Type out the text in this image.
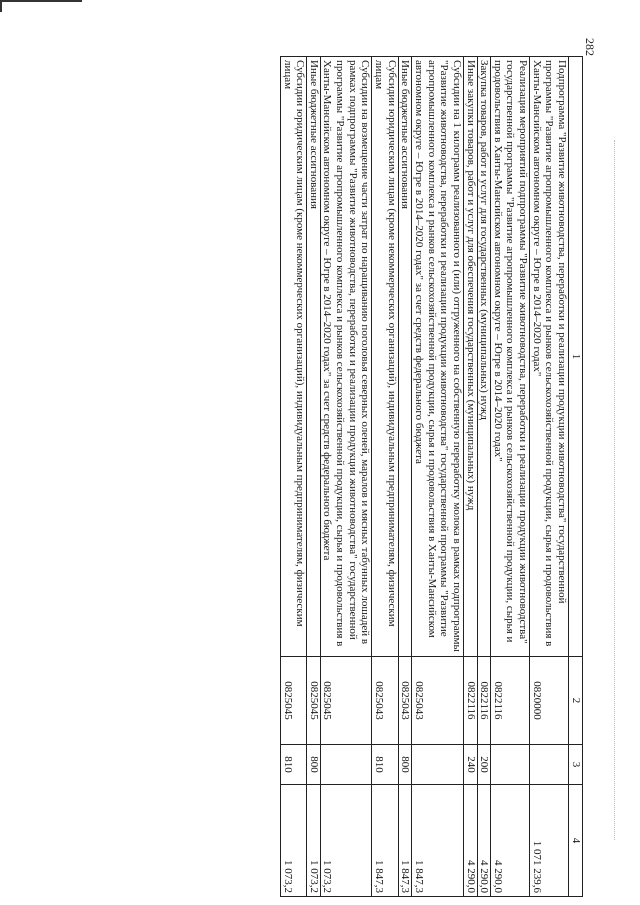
282
1	2	3	4
Подпрограмма "Развитие животноводства, переработки и реализации продукции животноводства" государственной программы "Развитие агропромышленного комплекса и рынков сельскохозяйственной продукции, сырья и продовольствия в Ханты-Мансийском автономном округе – Югре в 2014–2020 годах"	0820000		1 071 239,6
Реализация мероприятий подпрограммы "Развитие животноводства, переработки и реализации продукции животноводства" государственной программы "Развитие агропромышленного комплекса и рынков сельскохозяйственной продукции, сырья и продовольствия в Ханты-Мансийском автономном округе – Югре в 2014–2020 годах"	0822116		4 290,0
Закупка товаров, работ и услуг для государственных (муниципальных) нужд	0822116	200	4 290,0
Иные закупки товаров, работ и услуг для обеспечения государственных (муниципальных) нужд	0822116	240	4 290,0
Субсидии на 1 килограмм реализованного и (или) отгруженного на собственную переработку молока в рамках подпрограммы "Развитие животноводства, переработки и реализации продукции животноводства" государственной программы "Развитие агропромышленного комплекса и рынков сельскохозяйственной продукции, сырья и продовольствия в Ханты-Мансийском автономном округе – Югре в 2014–2020 годах" за счет средств федерального бюджета	0825043		1 847,3
Иные бюджетные ассигнования	0825043	800	1 847,3
Субсидии юридическим лицам (кроме некоммерческих организаций), индивидуальным предпринимателям, физическим лицам	0825043	810	1 847,3
Субсидии на возмещение части затрат по наращиванию поголовья северных оленей, маралов и мясных табунных лошадей в рамках подпрограммы "Развитие животноводства, переработки и реализации продукции животноводства" государственной программы "Развитие агропромышленного комплекса и рынков сельскохозяйственной продукции, сырья и продовольствия в Ханты-Мансийском автономном округе – Югре в 2014–2020 годах" за счет средств федерального бюджета	0825045		1 073,2
Иные бюджетные ассигнования	0825045	800	1 073,2
Субсидии юридическим лицам (кроме некоммерческих организаций), индивидуальным предпринимателям, физическим лицам	0825045	810	1 073,2
